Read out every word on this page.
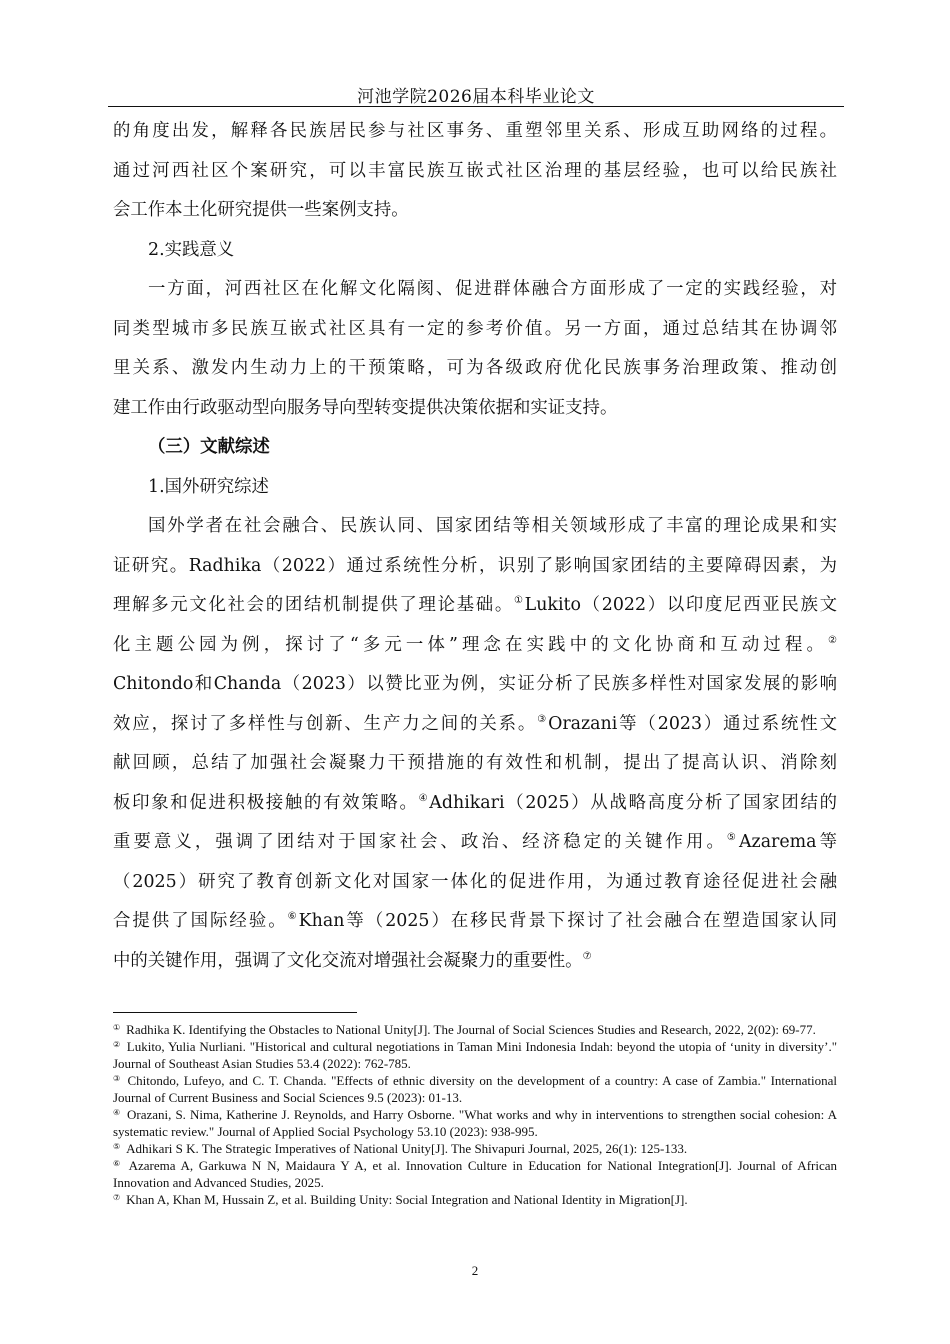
河池学院2026届本科毕业论文
的角度出发，解释各民族居民参与社区事务、重塑邻里关系、形成互助网络的过程。
通过河西社区个案研究，可以丰富民族互嵌式社区治理的基层经验，也可以给民族社
会工作本土化研究提供一些案例支持。
2.实践意义
一方面，河西社区在化解文化隔阂、促进群体融合方面形成了一定的实践经验，对
同类型城市多民族互嵌式社区具有一定的参考价值。另一方面，通过总结其在协调邻
里关系、激发内生动力上的干预策略，可为各级政府优化民族事务治理政策、推动创
建工作由行政驱动型向服务导向型转变提供决策依据和实证支持。
（三）文献综述
1.国外研究综述
国外学者在社会融合、民族认同、国家团结等相关领域形成了丰富的理论成果和实
证研究。Radhika（2022）通过系统性分析，识别了影响国家团结的主要障碍因素，为
理解多元文化社会的团结机制提供了理论基础。①Lukito（2022）以印度尼西亚民族文
化主题公园为例，探讨了“多元一体”理念在实践中的文化协商和互动过程。②
Chitondo和Chanda（2023）以赞比亚为例，实证分析了民族多样性对国家发展的影响
效应，探讨了多样性与创新、生产力之间的关系。③Orazani等（2023）通过系统性文
献回顾，总结了加强社会凝聚力干预措施的有效性和机制，提出了提高认识、消除刻
板印象和促进积极接触的有效策略。④Adhikari（2025）从战略高度分析了国家团结的
重要意义，强调了团结对于国家社会、政治、经济稳定的关键作用。⑤Azarema等
（2025）研究了教育创新文化对国家一体化的促进作用，为通过教育途径促进社会融
合提供了国际经验。⑥Khan等（2025）在移民背景下探讨了社会融合在塑造国家认同
中的关键作用，强调了文化交流对增强社会凝聚力的重要性。⑦

① Radhika K. Identifying the Obstacles to National Unity[J]. The Journal of Social Sciences Studies and Research, 2022, 2(02): 69-77.

② Lukito, Yulia Nurliani. "Historical and cultural negotiations in Taman Mini Indonesia Indah: beyond the utopia of ‘unity in diversity’." Journal of Southeast Asian Studies 53.4 (2022): 762-785.

③ Chitondo, Lufeyo, and C. T. Chanda. "Effects of ethnic diversity on the development of a country: A case of Zambia." International Journal of Current Business and Social Sciences 9.5 (2023): 01-13.

④ Orazani, S. Nima, Katherine J. Reynolds, and Harry Osborne. "What works and why in interventions to strengthen social cohesion: A systematic review." Journal of Applied Social Psychology 53.10 (2023): 938-995.

⑤ Adhikari S K. The Strategic Imperatives of National Unity[J]. The Shivapuri Journal, 2025, 26(1): 125-133.

⑥ Azarema A, Garkuwa N N, Maidaura Y A, et al. Innovation Culture in Education for National Integration[J]. Journal of African Innovation and Advanced Studies, 2025.

⑦ Khan A, Khan M, Hussain Z, et al. Building Unity: Social Integration and National Identity in Migration[J].

2
